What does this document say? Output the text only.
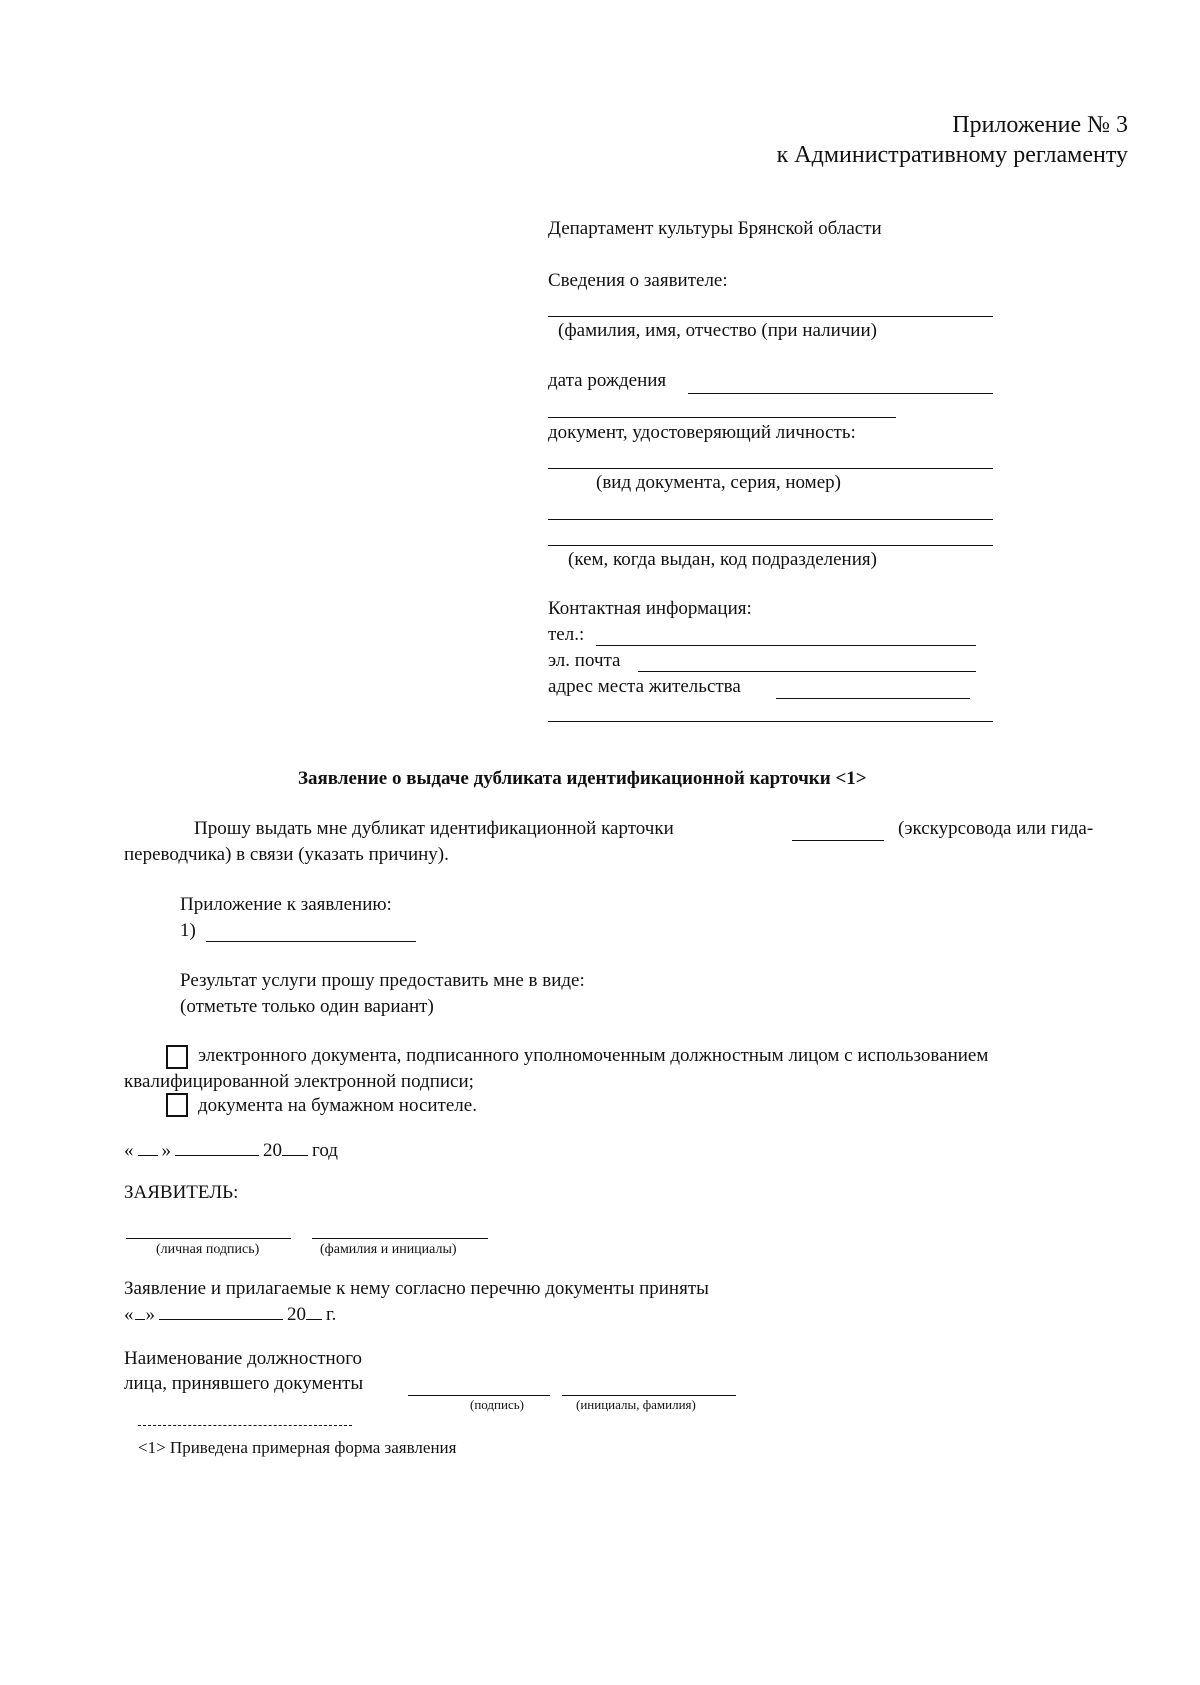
Приложение № 3
к Административному регламенту
Департамент культуры Брянской области
Сведения о заявителе:
(фамилия, имя, отчество (при наличии)
дата рождения
документ, удостоверяющий личность:
(вид документа, серия, номер)
(кем, когда выдан, код подразделения)
Контактная информация:
тел.:
эл. почта
адрес места жительства
Заявление о выдаче дубликата идентификационной карточки <1>
Прошу выдать мне дубликат идентификационной карточки	(экскурсовода или гида-
переводчика) в связи (указать причину).
Приложение к заявлению:
1)
Результат услуги прошу предоставить мне в виде:
(отметьте только один вариант)
электронного документа, подписанного уполномоченным должностным лицом с использованием
квалифицированной электронной подписи;
документа на бумажном носителе.
« »	20 год
ЗАЯВИТЕЛЬ:
(личная подпись)	(фамилия и инициалы)
Заявление и прилагаемые к нему согласно перечню документы приняты
« »	20 г.
Наименование должностного
лица, принявшего документы
(подпись)	(инициалы, фамилия)
<1> Приведена примерная форма заявления
